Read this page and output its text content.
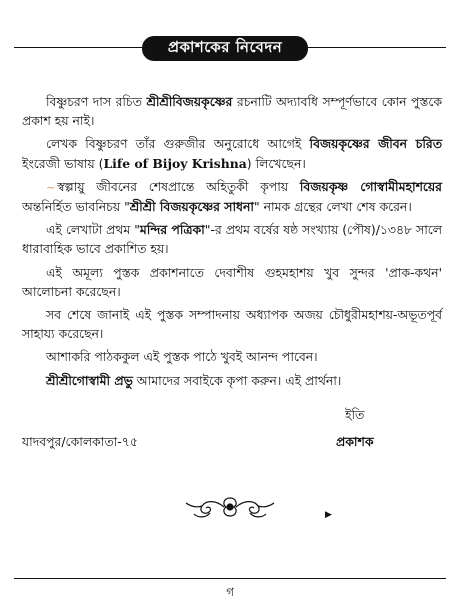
প্রকাশকের নিবেদন

বিষ্ণুচরণ দাস রচিত শ্রীশ্রীবিজয়কৃষ্ণের রচনাটি অদ্যাবধি সম্পূর্ণভাবে কোন পুস্তকে প্রকাশ হয় নাই।

লেখক বিষ্ণুচরণ তাঁর গুরুজীর অনুরোধে আগেই বিজয়কৃষ্ণের জীবন চরিত ইংরেজী ভাষায় (Life of Bijoy Krishna) লিখেছেন।

~ স্বল্পায়ু জীবনের শেষপ্রান্তে অহিতুকী কৃপায় বিজয়কৃষ্ণ গোস্বামীমহাশয়ের অন্তনির্হিত ভাবনিচয় "শ্রীশ্রী বিজয়কৃষ্ণের সাধনা" নামক গ্রন্থের লেখা শেষ করেন।

এই লেখাটা প্রথম "মন্দির পত্রিকা"-র প্রথম বর্ষের ষষ্ঠ সংখ্যায় (পৌষ)/১৩৪৮ সালে ধারাবাহিক ভাবে প্রকাশিত হয়।

এই অমূল্য পুস্তক প্রকাশনাতে দেবাশীষ গুহমহাশয় খুব সুন্দর 'প্রাক-কথন' আলোচনা করেছেন।

সব শেষে জানাই এই পুস্তক সম্পাদনায় অধ্যাপক অজয় চৌধুরীমহাশয়-অভূতপূর্ব সাহায্য করেছেন।

আশাকরি পাঠককুল এই পুস্তক পাঠে খুবই আনন্দ পাবেন।

শ্রীশ্রীগোস্বামী প্রভু আমাদের সবাইকে কৃপা করুন। এই প্রার্থনা।

ইতি
যাদবপুর/কোলকাতা-৭৫	প্রকাশক
▶
গ
